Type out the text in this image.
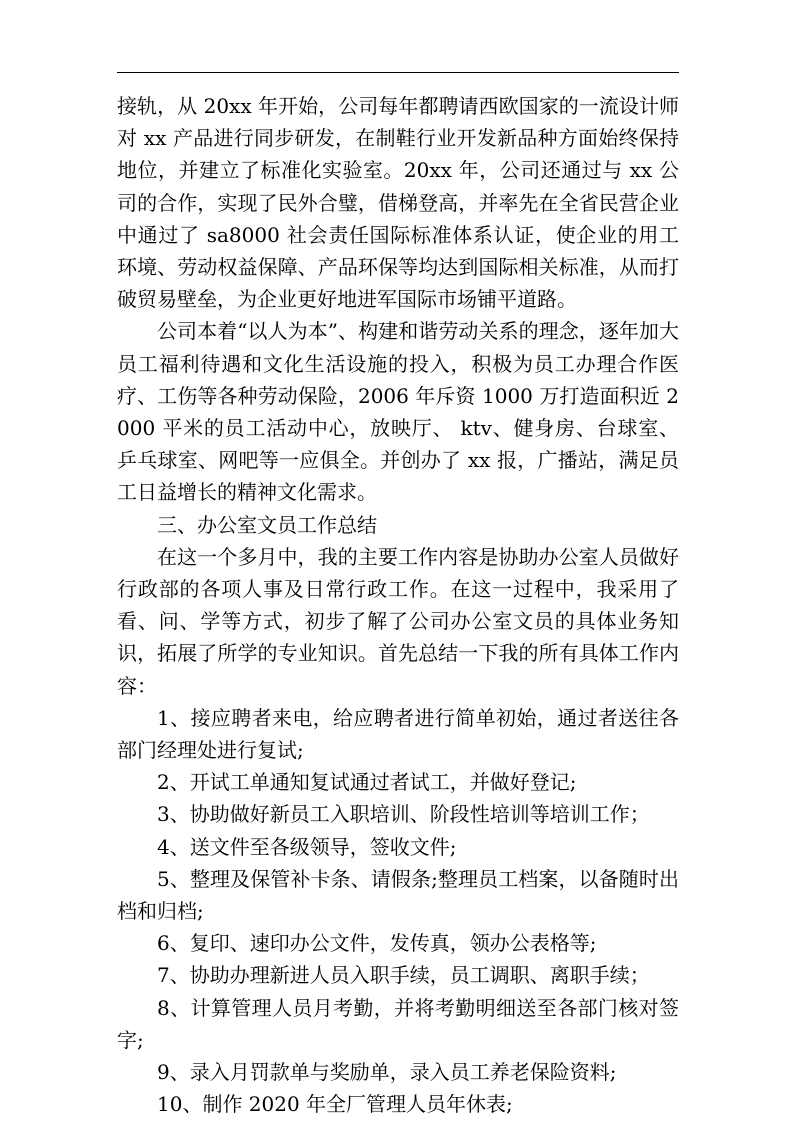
接轨，从 20xx 年开始，公司每年都聘请西欧国家的一流设计师对 xx 产品进行同步研发，在制鞋行业开发新品种方面始终保持地位，并建立了标准化实验室。20xx 年，公司还通过与 xx 公司的合作，实现了民外合璧，借梯登高，并率先在全省民营企业中通过了 sa8000 社会责任国际标准体系认证，使企业的用工环境、劳动权益保障、产品环保等均达到国际相关标准，从而打破贸易壁垒，为企业更好地进军国际市场铺平道路。

公司本着“以人为本”、构建和谐劳动关系的理念，逐年加大员工福利待遇和文化生活设施的投入，积极为员工办理合作医疗、工伤等各种劳动保险，2006 年斥资 1000 万打造面积近 2000 平米的员工活动中心，放映厅、 ktv、健身房、台球室、乒乓球室、网吧等一应俱全。并创办了 xx 报，广播站，满足员工日益增长的精神文化需求。

三、办公室文员工作总结

在这一个多月中，我的主要工作内容是协助办公室人员做好行政部的各项人事及日常行政工作。在这一过程中，我采用了看、问、学等方式，初步了解了公司办公室文员的具体业务知识，拓展了所学的专业知识。首先总结一下我的所有具体工作内容：

1、接应聘者来电，给应聘者进行简单初始，通过者送往各部门经理处进行复试;

2、开试工单通知复试通过者试工，并做好登记;

3、协助做好新员工入职培训、阶段性培训等培训工作；

4、送文件至各级领导，签收文件;

5、整理及保管补卡条、请假条;整理员工档案，以备随时出档和归档;

6、复印、速印办公文件，发传真，领办公表格等;

7、协助办理新进人员入职手续，员工调职、离职手续；

8、计算管理人员月考勤，并将考勤明细送至各部门核对签字;

9、录入月罚款单与奖励单，录入员工养老保险资料;

10、制作 2020 年全厂管理人员年休表;
